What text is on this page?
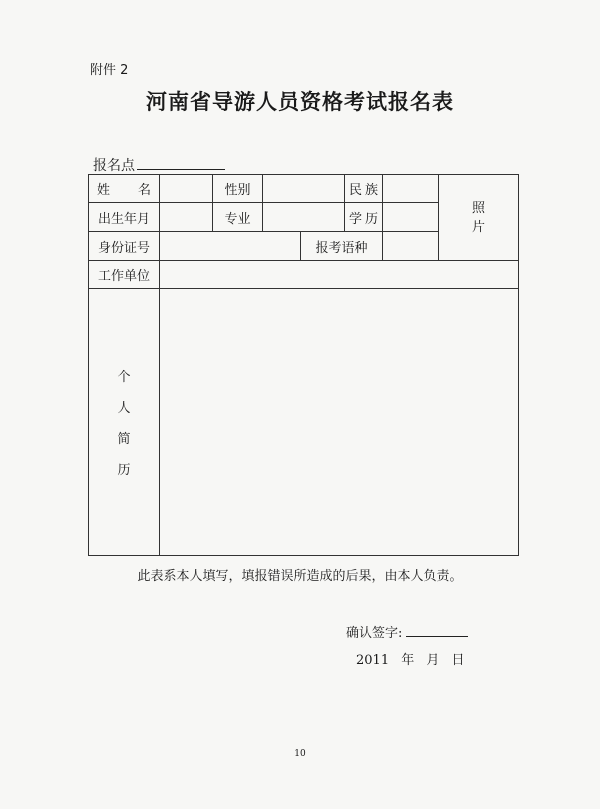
附件 2
河南省导游人员资格考试报名表
报名点
姓 名		性别			民 族		照
片

出生年月		专业			学 历		

身份证号				报考语种			
工作单位							

个
人
简
历							

此表系本人填写，填报错误所造成的后果，由本人负责。
确认签字:
2011 年 月 日
10
